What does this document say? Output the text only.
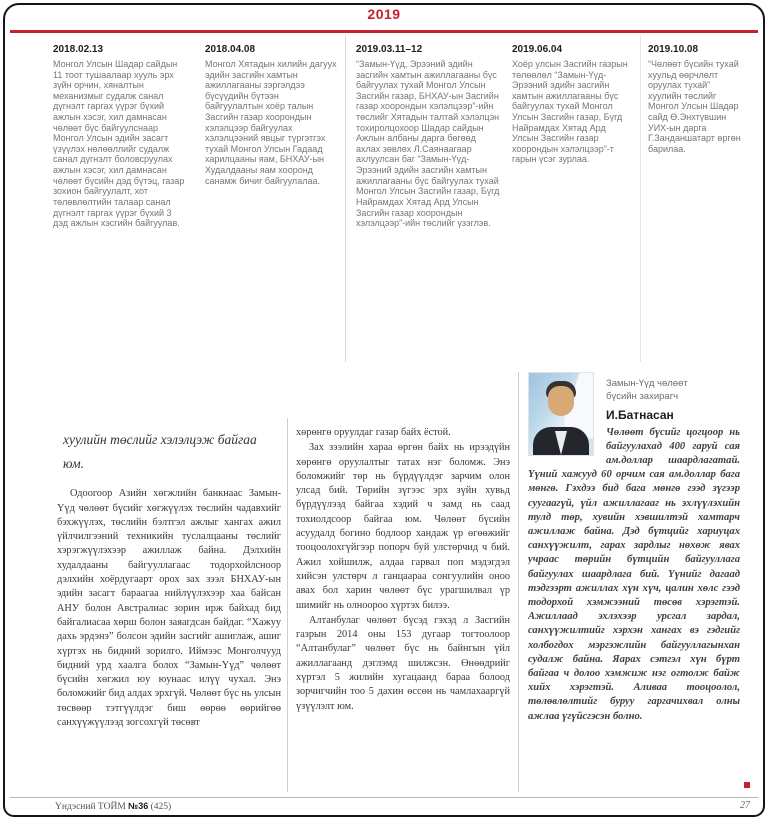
2019
2018.02.13
Монгол Улсын Шадар сайдын 11 тоот тушаалаар хууль эрх зүйн орчин, хяналтын механизмыг судалж санал дүгнэлт гаргах үүрэг бүхий ажлын хэсэг, хил дамнасан чөлөөт бүс байгуулснаар Монгол Улсын эдийн засагт үзүүлэх нөлөөллийг судалж санал дүгнэлт боловсруулах ажлын хэсэг, хил дамнасан чөлөөт бүсийн дэд бүтэц, газар зохион байгуулалт, хот төлөвлөлтийн талаар санал дүгнэлт гаргах үүрэг бүхий 3 дэд ажлын хэсгийн байгуулав.
2018.04.08
Монгол Хятадын хилийн дагуух эдийн засгийн хамтын ажиллагааны зэргэлдээ бүсүүдийн бүтээн байгуулалтын хоёр талын Засгийн газар хоорондын хэлэлцээр байгуулах хэлэлцээний явцыг түргэтгэх тухай Монгол Улсын Гадаад харилцааны яам, БНХАУ-ын Худалдааны яам хооронд санамж бичиг байгуулалаа.
2019.03.11–12
“Замын-Үүд, Эрээний эдийн засгийн хамтын ажиллагааны бүс байгуулах тухай Монгол Улсын Засгийн газар, БНХАУ-ын Засгийн газар хоорондын хэлэлцээр”-ийн төслийг Хятадын талтай хэлэлцэн тохиролцохоор Шадар сайдын Ажлын албаны дарга бөгөөд ахлах зөвлөх Л.Саянаагаар ахлуулсан баг “Замын-Үүд-Эрээний эдийн засгийн хамтын ажиллагааны бүс байгуулах тухай Монгол Улсын Засгийн газар, Бүгд Найрамдах Хятад Ард Улсын Засгийн газар хоорондын хэлэлцээр”-ийн төслийг үзэглэв.
2019.06.04
Хоёр улсын Засгийн газрын төлөөлөл “Замын-Үүд-Эрээний эдийн засгийн хамтын ажиллагааны бүс байгуулах тухай Монгол Улсын Засгийн газар, Бүгд Найрамдах Хятад Ард Улсын Засгийн газар хоорондын хэлэлцээр”-т гарын үсэг зурлаа.
2019.10.08
“Чөлөөт бүсийн тухай хуульд өөрчлөлт оруулах тухай” хуулийн төслийг Монгол Улсын Шадар сайд Ө.Энхтүвшин УИХ-ын дарга Г.Занданшатарт өргөн барилаа.
хуулийн төслийг хэлэлцэж байгаа юм.

Одоогоор Азийн хөгжлийн банкнаас Замын-Үүд чөлөөт бүсийг хөгжүүлэх төслийн чадавхийг бэхжүүлэх, төслийн бэлтгэл ажлыг хангах ажил үйлчилгээний техникийн туслалцааны төслийг хэрэгжүүлэхээр ажиллаж байна. Дэлхийн худалдааны байгууллагаас тодорхойлсноор дэлхийн хоёрдугаарт орох зах зээл БНХАУ-ын эдийн засагт бараагаа нийлүүлэхээр хаа байсан АНУ болон Австралиас зорин ирж байхад бид байгалиасаа хөрш болон заяагдсан байдаг. “Хажуу дахь эрдэнэ” болсон эдийн засгийг ашиглаж, ашиг хүртэх нь бидний зорилго. Иймээс Монголчууд бидний урд хаалга болох “Замын-Үүд” чөлөөт бүсийн хөгжил юу юунаас илүү чухал. Энэ боломжийг бид алдах эрхгүй. Чөлөөт бүс нь улсын төсвөөр тэтгүүлдэг биш өөрөө өөрийгөө санхүүжүүлээд зогсохгүй төсөвт

хөрөнгө оруулдаг газар байх ёстой.

Зах зээлийн хараа өргөн байх нь ирээдүйн хөрөнгө оруулалтыг татах нэг боломж. Энэ боломжийг төр нь бүрдүүлдэг зарчим олон улсад бий. Төрийн зүгээс эрх зүйн хувьд бүрдүүлээд байгаа хэдий ч замд нь саад тохиолдсоор байгаа юм. Чөлөөт бүсийн асуудалд богино бодлоор хандаж үр өгөөжийг тооцоолохгүйгээр попорч буй улстөрчид ч бий. Ажил хойшилж, алдаа гарвал поп мэдэгдэл хийсэн улстөрч л ганцаараа сонгуулийн оноо авах бол харин чөлөөт бүс урагшилвал үр шимийг нь олноороо хүртэх билээ.

Алтанбулаг чөлөөт бүсэд гэхэд л Засгийн газрын 2014 оны 153 дугаар тогтоолоор “Алтанбулаг” чөлөөт бүс нь байнгын үйл ажиллагаанд дэглэмд шилжсэн. Өнөөдрийг хүртэл 5 жилийн хугацаанд бараа болоод зорчигчийн тоо 5 дахин өссөн нь чамлахааргүй үзүүлэлт юм.

Замын-Үүд чөлөөт бүсийн захирагч
И.Батнасан

Чөлөөт бүсийг цогцоор нь байгуулахад 400 гаруй сая ам.доллар шаардлагатай. Үүний хажууд 60 орчим сая ам.доллар бага мөнгө. Гэхдээ бид бага мөнгө гээд зүгээр суугаагүй, үйл ажиллагааг нь эхлүүлэхийн тулд төр, хувийн хэвшилтэй хамтарч ажиллаж байна. Дэд бүтцийг хариуцах санхүүжилт, гарах зардлыг нөхөж явах учраас төрийн бүтцийн байгууллага байгуулах шаардлага бий. Үүнийг дагаад тэдгээрт ажиллах хүн хүч, цалин хөлс гээд тодорхой хэмжээний төсөв хэрэгтэй. Ажиллаад эхлэхээр урсгал зардал, санхүүжилтийг хэрхэн хангах вэ гэдгийг холбогдох мэргэжлийн байгууллагынхан судалж байна. Яарах сэтгэл хүн бүрт байгаа ч долоо хэмжиж нэг огтолж байж хийх хэрэгтэй. Аливаа тооцоолол, төлөвлөлтийг буруу гаргачихвал олны ажлаа үгүйсгэсэн болно.

Үндэсний ТОЙМ №36 (425)	27
